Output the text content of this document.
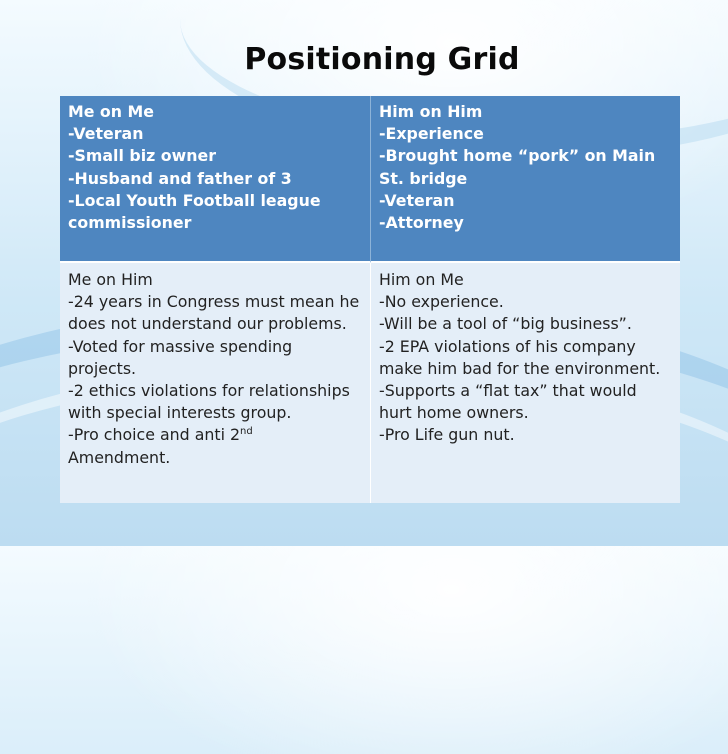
Positioning Grid
Me on Me
-Veteran
-Small biz owner
-Husband and father of 3
-Local Youth Football league commissioner
Him on Him
-Experience
-Brought home “pork” on Main St. bridge
-Veteran
-Attorney
Me on Him
-24 years in Congress must mean he does not understand our problems.
-Voted for massive spending projects.
-2 ethics violations for relationships with special interests group.
-Pro choice and anti 2nd
Amendment.
Him on Me
-No experience.
-Will be a tool of “big business”.
-2 EPA violations of his company make him bad for the environment.
-Supports a “flat tax” that would hurt home owners.
-Pro Life gun nut.
